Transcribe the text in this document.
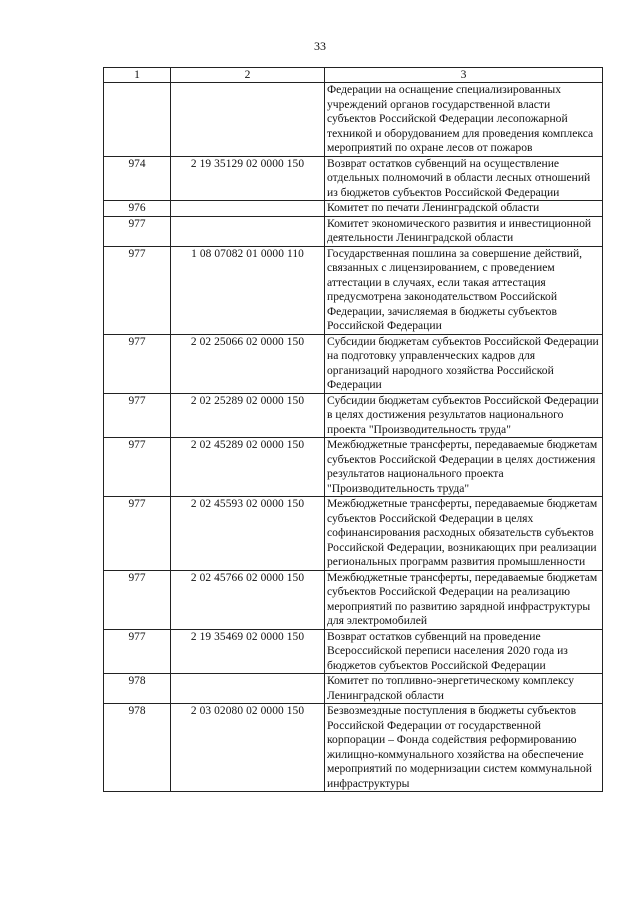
33
1	2	3
		Федерации на оснащение специализированных учреждений органов государственной власти субъектов Российской Федерации лесопожарной техникой и оборудованием для проведения комплекса мероприятий по охране лесов от пожаров
974	2 19 35129 02 0000 150	Возврат остатков субвенций на осуществление отдельных полномочий в области лесных отношений из бюджетов субъектов Российской Федерации
976		Комитет по печати Ленинградской области
977		Комитет экономического развития и инвестиционной деятельности Ленинградской области
977	1 08 07082 01 0000 110	Государственная пошлина за совершение действий, связанных с лицензированием, с проведением аттестации в случаях, если такая аттестация предусмотрена законодательством Российской Федерации, зачисляемая в бюджеты субъектов Российской Федерации
977	2 02 25066 02 0000 150	Субсидии бюджетам субъектов Российской Федерации на подготовку управленческих кадров для организаций народного хозяйства Российской Федерации
977	2 02 25289 02 0000 150	Субсидии бюджетам субъектов Российской Федерации в целях достижения результатов национального проекта "Производительность труда"
977	2 02 45289 02 0000 150	Межбюджетные трансферты, передаваемые бюджетам субъектов Российской Федерации в целях достижения результатов национального проекта "Производительность труда"
977	2 02 45593 02 0000 150	Межбюджетные трансферты, передаваемые бюджетам субъектов Российской Федерации в целях софинансирования расходных обязательств субъектов Российской Федерации, возникающих при реализации региональных программ развития промышленности
977	2 02 45766 02 0000 150	Межбюджетные трансферты, передаваемые бюджетам субъектов Российской Федерации на реализацию мероприятий по развитию зарядной инфраструктуры для электромобилей
977	2 19 35469 02 0000 150	Возврат остатков субвенций на проведение Всероссийской переписи населения 2020 года из бюджетов субъектов Российской Федерации
978		Комитет по топливно-энергетическому комплексу Ленинградской области
978	2 03 02080 02 0000 150	Безвозмездные поступления в бюджеты субъектов Российской Федерации от государственной корпорации – Фонда содействия реформированию жилищно-коммунального хозяйства на обеспечение мероприятий по модернизации систем коммунальной инфраструктуры
